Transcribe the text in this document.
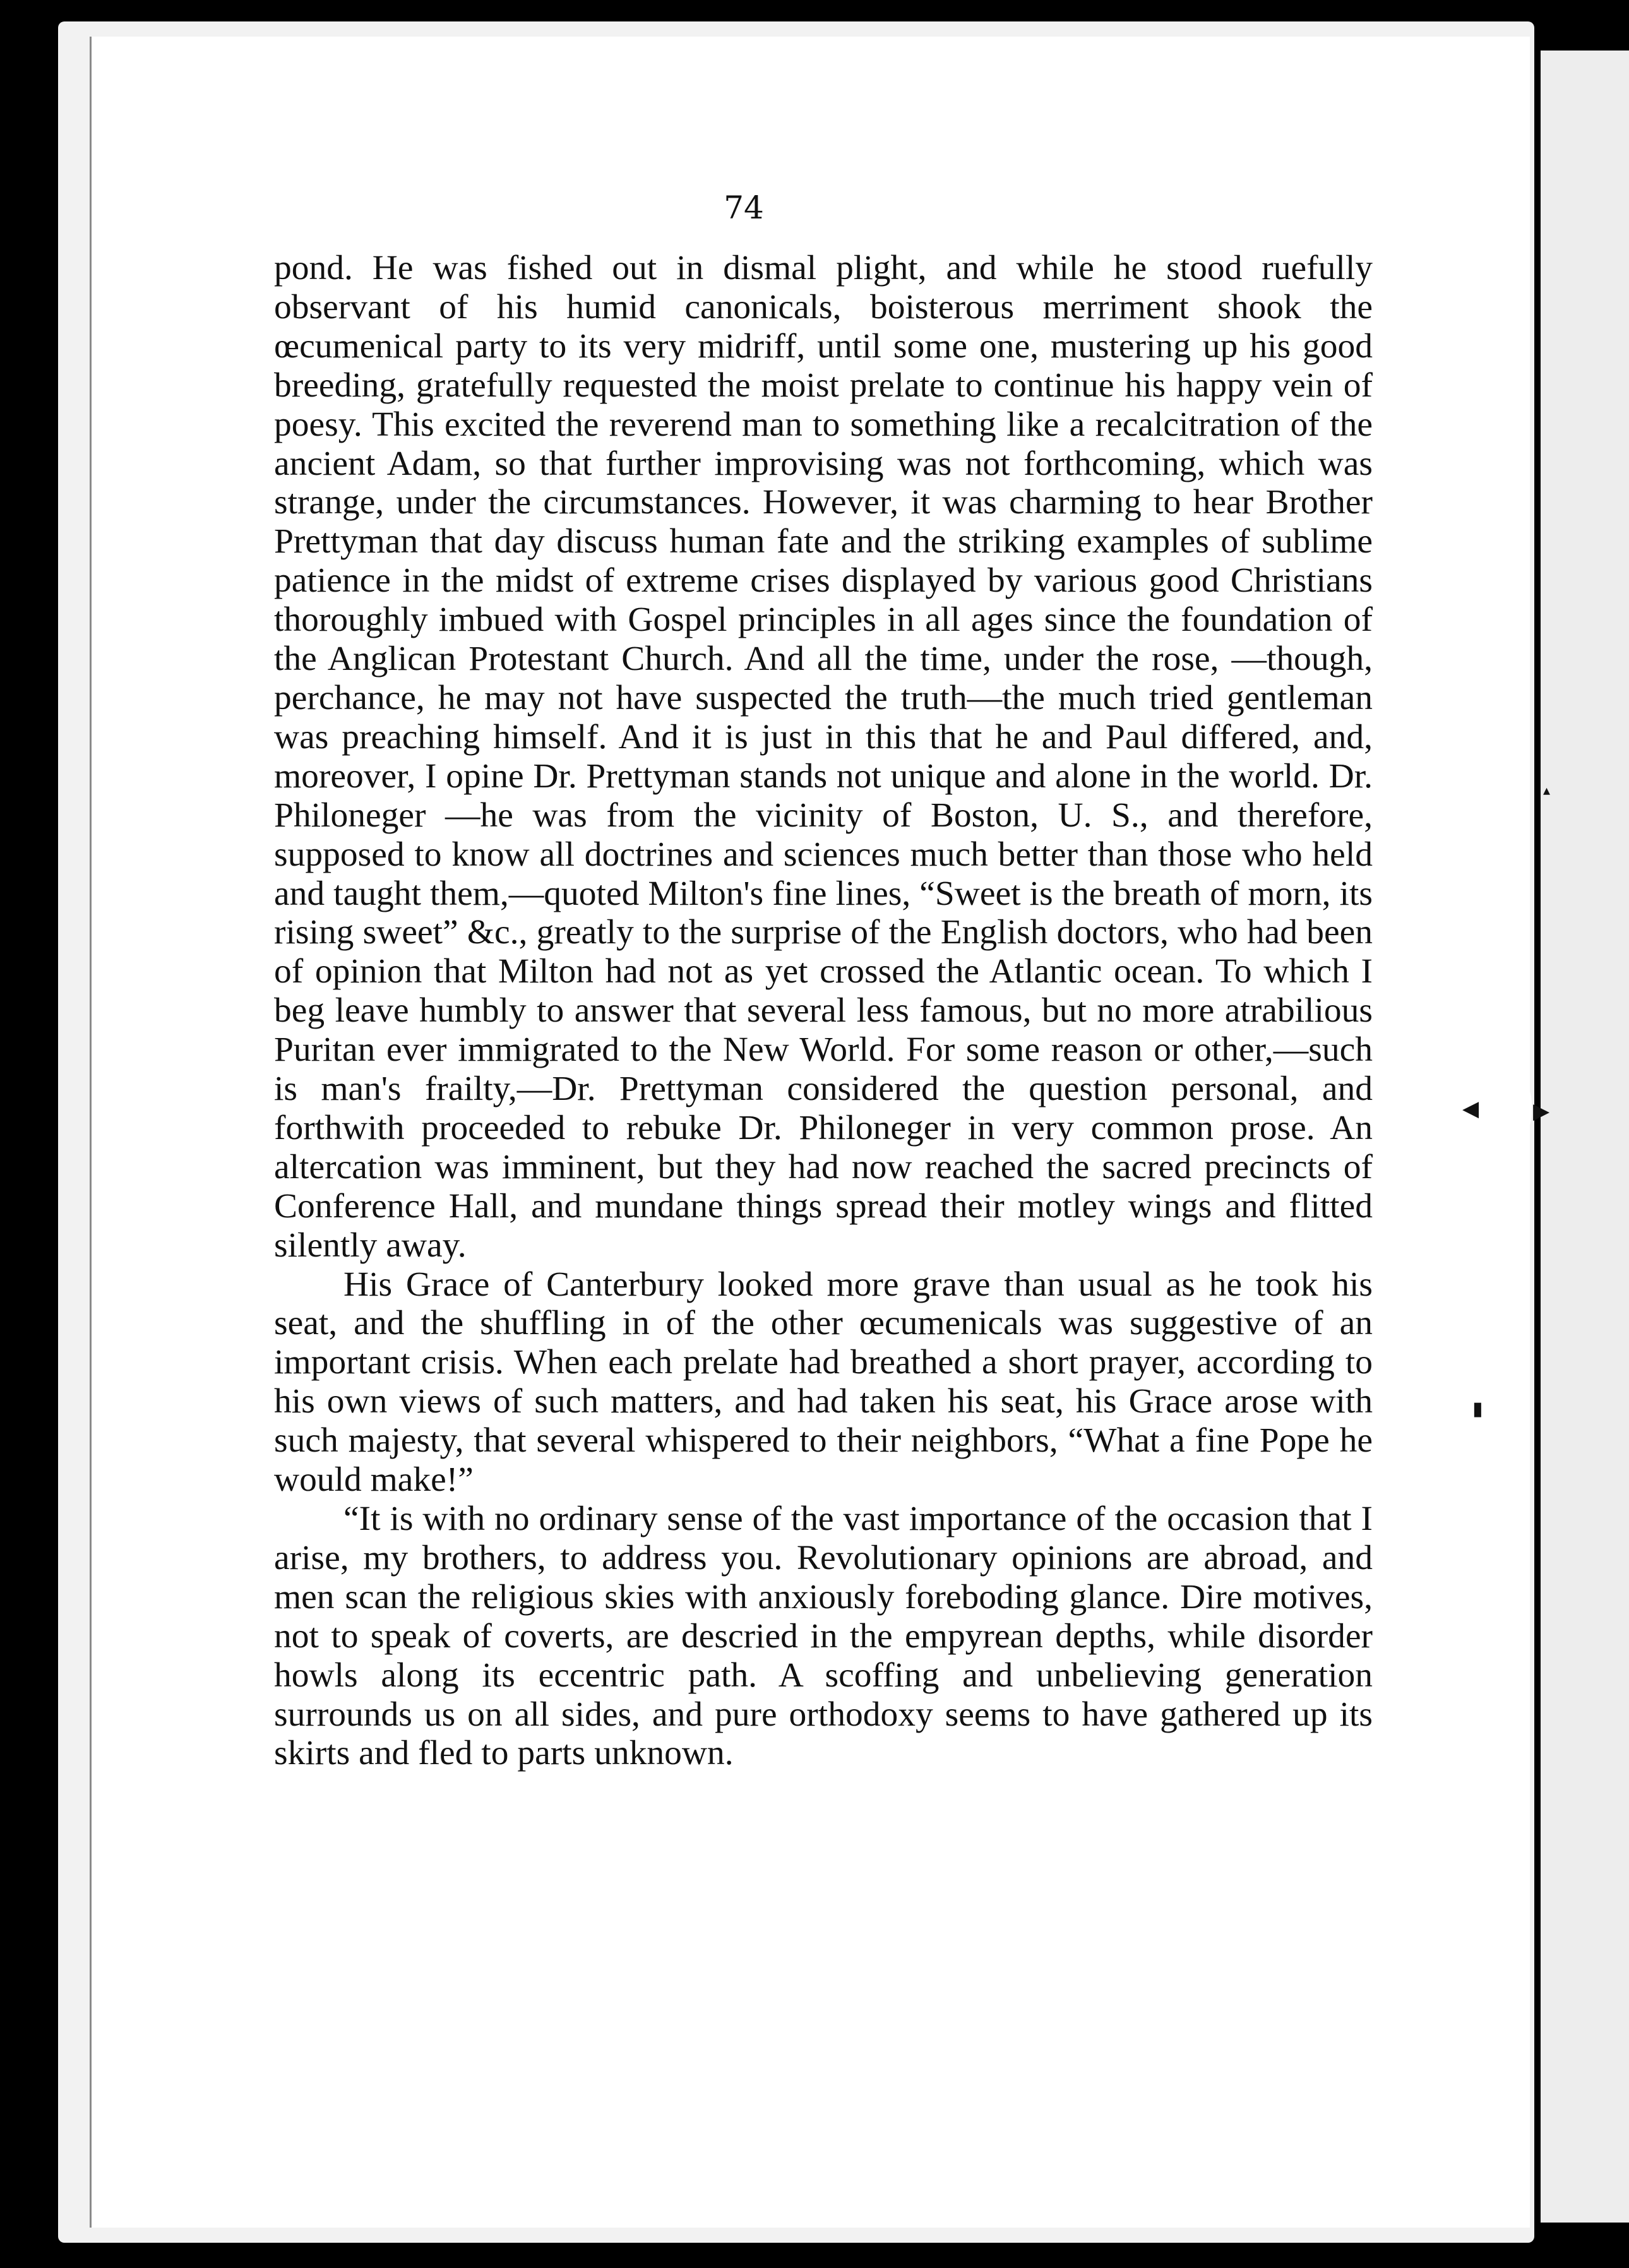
74

pond. He was fished out in dismal plight, and while he stood ruefully observant of his humid canonicals, boisterous merriment shook the œcumenical party to its very midriff, until some one, mustering up his good breeding, gratefully requested the moist prelate to continue his happy vein of poesy. This excited the reverend man to something like a recalcitration of the ancient Adam, so that further improvising was not forthcoming, which was strange, under the circumstances. However, it was charming to hear Brother Prettyman that day discuss human fate and the striking examples of sublime patience in the midst of extreme crises displayed by various good Christians thoroughly imbued with Gospel principles in all ages since the foundation of the Anglican Protestant Church. And all the time, under the rose, —though, perchance, he may not have suspected the truth—the much tried gentleman was preaching himself. And it is just in this that he and Paul differed, and, moreover, I opine Dr. Prettyman stands not unique and alone in the world. Dr. Philoneger —he was from the vicinity of Boston, U. S., and therefore, supposed to know all doctrines and sciences much better than those who held and taught them,—quoted Milton's fine lines, “Sweet is the breath of morn, its rising sweet” &c., greatly to the surprise of the English doctors, who had been of opinion that Milton had not as yet crossed the Atlantic ocean. To which I beg leave humbly to answer that several less famous, but no more atrabilious Puritan ever immigrated to the New World. For some reason or other,—such is man's frailty,—Dr. Prettyman considered the question personal, and forthwith proceeded to rebuke Dr. Philoneger in very common prose. An altercation was imminent, but they had now reached the sacred precincts of Conference Hall, and mundane things spread their motley wings and flitted silently away.

His Grace of Canterbury looked more grave than usual as he took his seat, and the shuffling in of the other œcumenicals was suggestive of an important crisis. When each prelate had breathed a short prayer, according to his own views of such matters, and had taken his seat, his Grace arose with such majesty, that several whispered to their neighbors, “What a fine Pope he would make!”

“It is with no ordinary sense of the vast importance of the occasion that I arise, my brothers, to address you. Revolutionary opinions are abroad, and men scan the religious skies with anxiously foreboding glance. Dire motives, not to speak of coverts, are descried in the empyrean depths, while disorder howls along its eccentric path. A scoffing and unbelieving generation surrounds us on all sides, and pure orthodoxy seems to have gathered up its skirts and fled to parts unknown.

◀	▶
▴
▮
